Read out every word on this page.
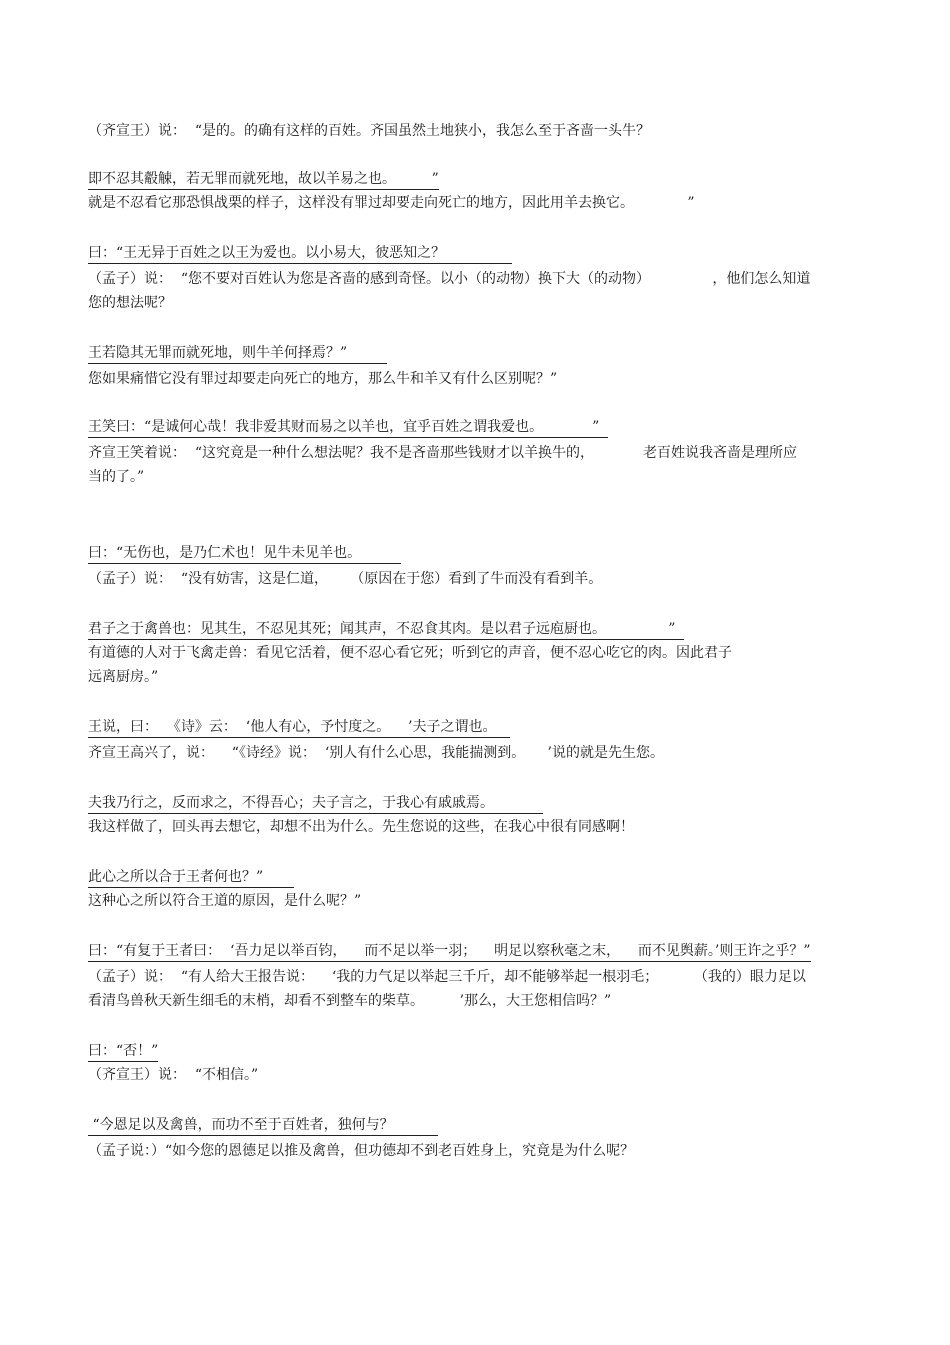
（齐宣王）说：  “是的。的确有这样的百姓。齐国虽然土地狭小，我怎么至于吝啬一头牛？
即不忍其觳觫，若无罪而就死地，故以羊易之也。        ”
就是不忍看它那恐惧战栗的样子，这样没有罪过却要走向死亡的地方，因此用羊去换它。            ”
曰：“王无异于百姓之以王为爱也。以小易大，彼恶知之？
（孟子）说：  “您不要对百姓认为您是吝啬的感到奇怪。以小（的动物）换下大（的动物）              ，他们怎么知道
您的想法呢？
王若隐其无罪而就死地，则牛羊何择焉？”
您如果痛惜它没有罪过却要走向死亡的地方，那么牛和羊又有什么区别呢？”
王笑曰：“是诚何心哉！我非爱其财而易之以羊也，宜乎百姓之谓我爱也。           ”
齐宣王笑着说：  “这究竟是一种什么想法呢？我不是吝啬那些钱财才以羊换牛的，           老百姓说我吝啬是理所应
当的了。”
曰：“无伤也，是乃仁术也！见牛未见羊也。
（孟子）说：  “没有妨害，这是仁道，     （原因在于您）看到了牛而没有看到羊。
君子之于禽兽也：见其生，不忍见其死；闻其声，不忍食其肉。是以君子远庖厨也。              ”
有道德的人对于飞禽走兽：看见它活着，便不忍心看它死；听到它的声音，便不忍心吃它的肉。因此君子
远离厨房。”
王说，曰：  《诗》云：  ‘他人有心，予忖度之。    ’夫子之谓也。
齐宣王高兴了，说：    “《诗经》说：  ‘别人有什么心思，我能揣测到。     ’说的就是先生您。
夫我乃行之，反而求之，不得吾心；夫子言之，于我心有戚戚焉。
我这样做了，回头再去想它，却想不出为什么。先生您说的这些，在我心中很有同感啊！
此心之所以合于王者何也？”
这种心之所以符合王道的原因，是什么呢？”
曰：“有复于王者曰：  ‘吾力足以举百钧，    而不足以举一羽；    明足以察秋毫之末，    而不见舆薪。’则王许之乎？”
（孟子）说：  “有人给大王报告说：    ‘我的力气足以举起三千斤，却不能够举起一根羽毛；        （我的）眼力足以
看清鸟兽秋天新生细毛的末梢，却看不到整车的柴草。        ’那么，大王您相信吗？”
曰：“否！”
（齐宣王）说：  “不相信。”
“今恩足以及禽兽，而功不至于百姓者，独何与？
（孟子说：）“如今您的恩德足以推及禽兽，但功德却不到老百姓身上，究竟是为什么呢？
